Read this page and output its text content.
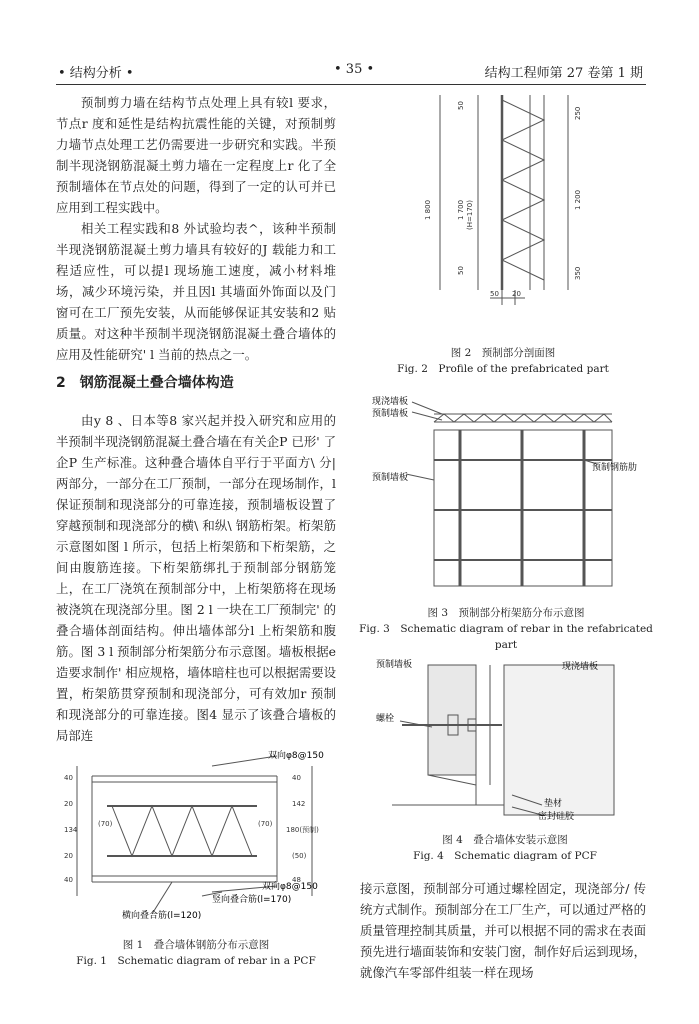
• 结构分析 •	• 35 •	结构工程师第 27 卷第 1 期

预制剪力墙在结构节点处理上具有较l 要求，节点r 度和延性是结构抗震性能的关键，对预制剪力墙节点处理工艺仍需要进一步研究和实践。半预制半现浇钢筋混凝土剪力墙在一定程度上r 化了全预制墙体在节点处的问题，得到了一定的认可并已应用到工程实践中。

相关工程实践和8 外试验均表^，该种半预制半现浇钢筋混凝土剪力墙具有较好的J 载能力和工程适应性，可以提l 现场施工速度，减小材料堆场，减少环境污染，并且因l 其墙面外饰面以及门窗可在工厂预先安装，从而能够保证其安装和2 贴质量。对这种半预制半现浇钢筋混凝土叠合墙体的应用及性能研究' l 当前的热点之一。

2　钢筋混凝土叠合墙体构造

由y 8 、日本等8 家兴起并投入研究和应用的半预制半现浇钢筋混凝土叠合墙在有关企P 已形' 了企P 生产标准。这种叠合墙体自平行于平面方\ 分| 两部分，一部分在工厂预制，一部分在现场制作，l 保证预制和现浇部分的可靠连接，预制墙板设置了穿越预制和现浇部分的横\ 和纵\ 钢筋桁架。桁架筋示意图如图 l 所示，包括上桁架筋和下桁架筋，之间由腹筋连接。下桁架筋绑扎于预制部分钢筋笼上，在工厂浇筑在预制部分中，上桁架筋将在现场被浇筑在现浇部分里。图 2 l 一块在工厂预制完' 的叠合墙体剖面结构。伸出墙体部分l 上桁架筋和腹筋。图 3 l 预制部分桁架筋分布示意图。墙板根据e 造要求制作' 相应规格，墙体暗柱也可以根据需要设置，桁架筋贯穿预制和现浇部分，可有效加r 预制和现浇部分的可靠连接。图4 显示了该叠合墙板的局部连

双向φ8@150
双向φ8@150
竖向叠合筋(l=170)
横向叠合筋(l=120)
40
20
134
20
40
(70)	(70)
40
142
180(预制)
(50)
48
图 1　叠合墙体钢筋分布示意图
Fig. 1　Schematic diagram of rebar in a PCF
1 800
50
1 700 (H=170)
50
250
1 200
350
50 20
图 2　预制部分剖面图
Fig. 2　Profile of the prefabricated part
现浇墙板
预制墙板
预制墙板
预制钢筋肋
图 3　预制部分桁架筋分布示意图
Fig. 3　Schematic diagram of rebar in the refabricated part
预制墙板	现浇墙板
螺栓
垫材
密封硅胶
图 4　叠合墙体安装示意图
Fig. 4　Schematic diagram of PCF

接示意图，预制部分可通过螺栓固定，现浇部分/ 传统方式制作。预制部分在工厂生产，可以通过严格的质量管理控制其质量，并可以根据不同的需求在表面预先进行墙面装饰和安装门窗，制作好后运到现场，就像汽车零部件组装一样在现场
